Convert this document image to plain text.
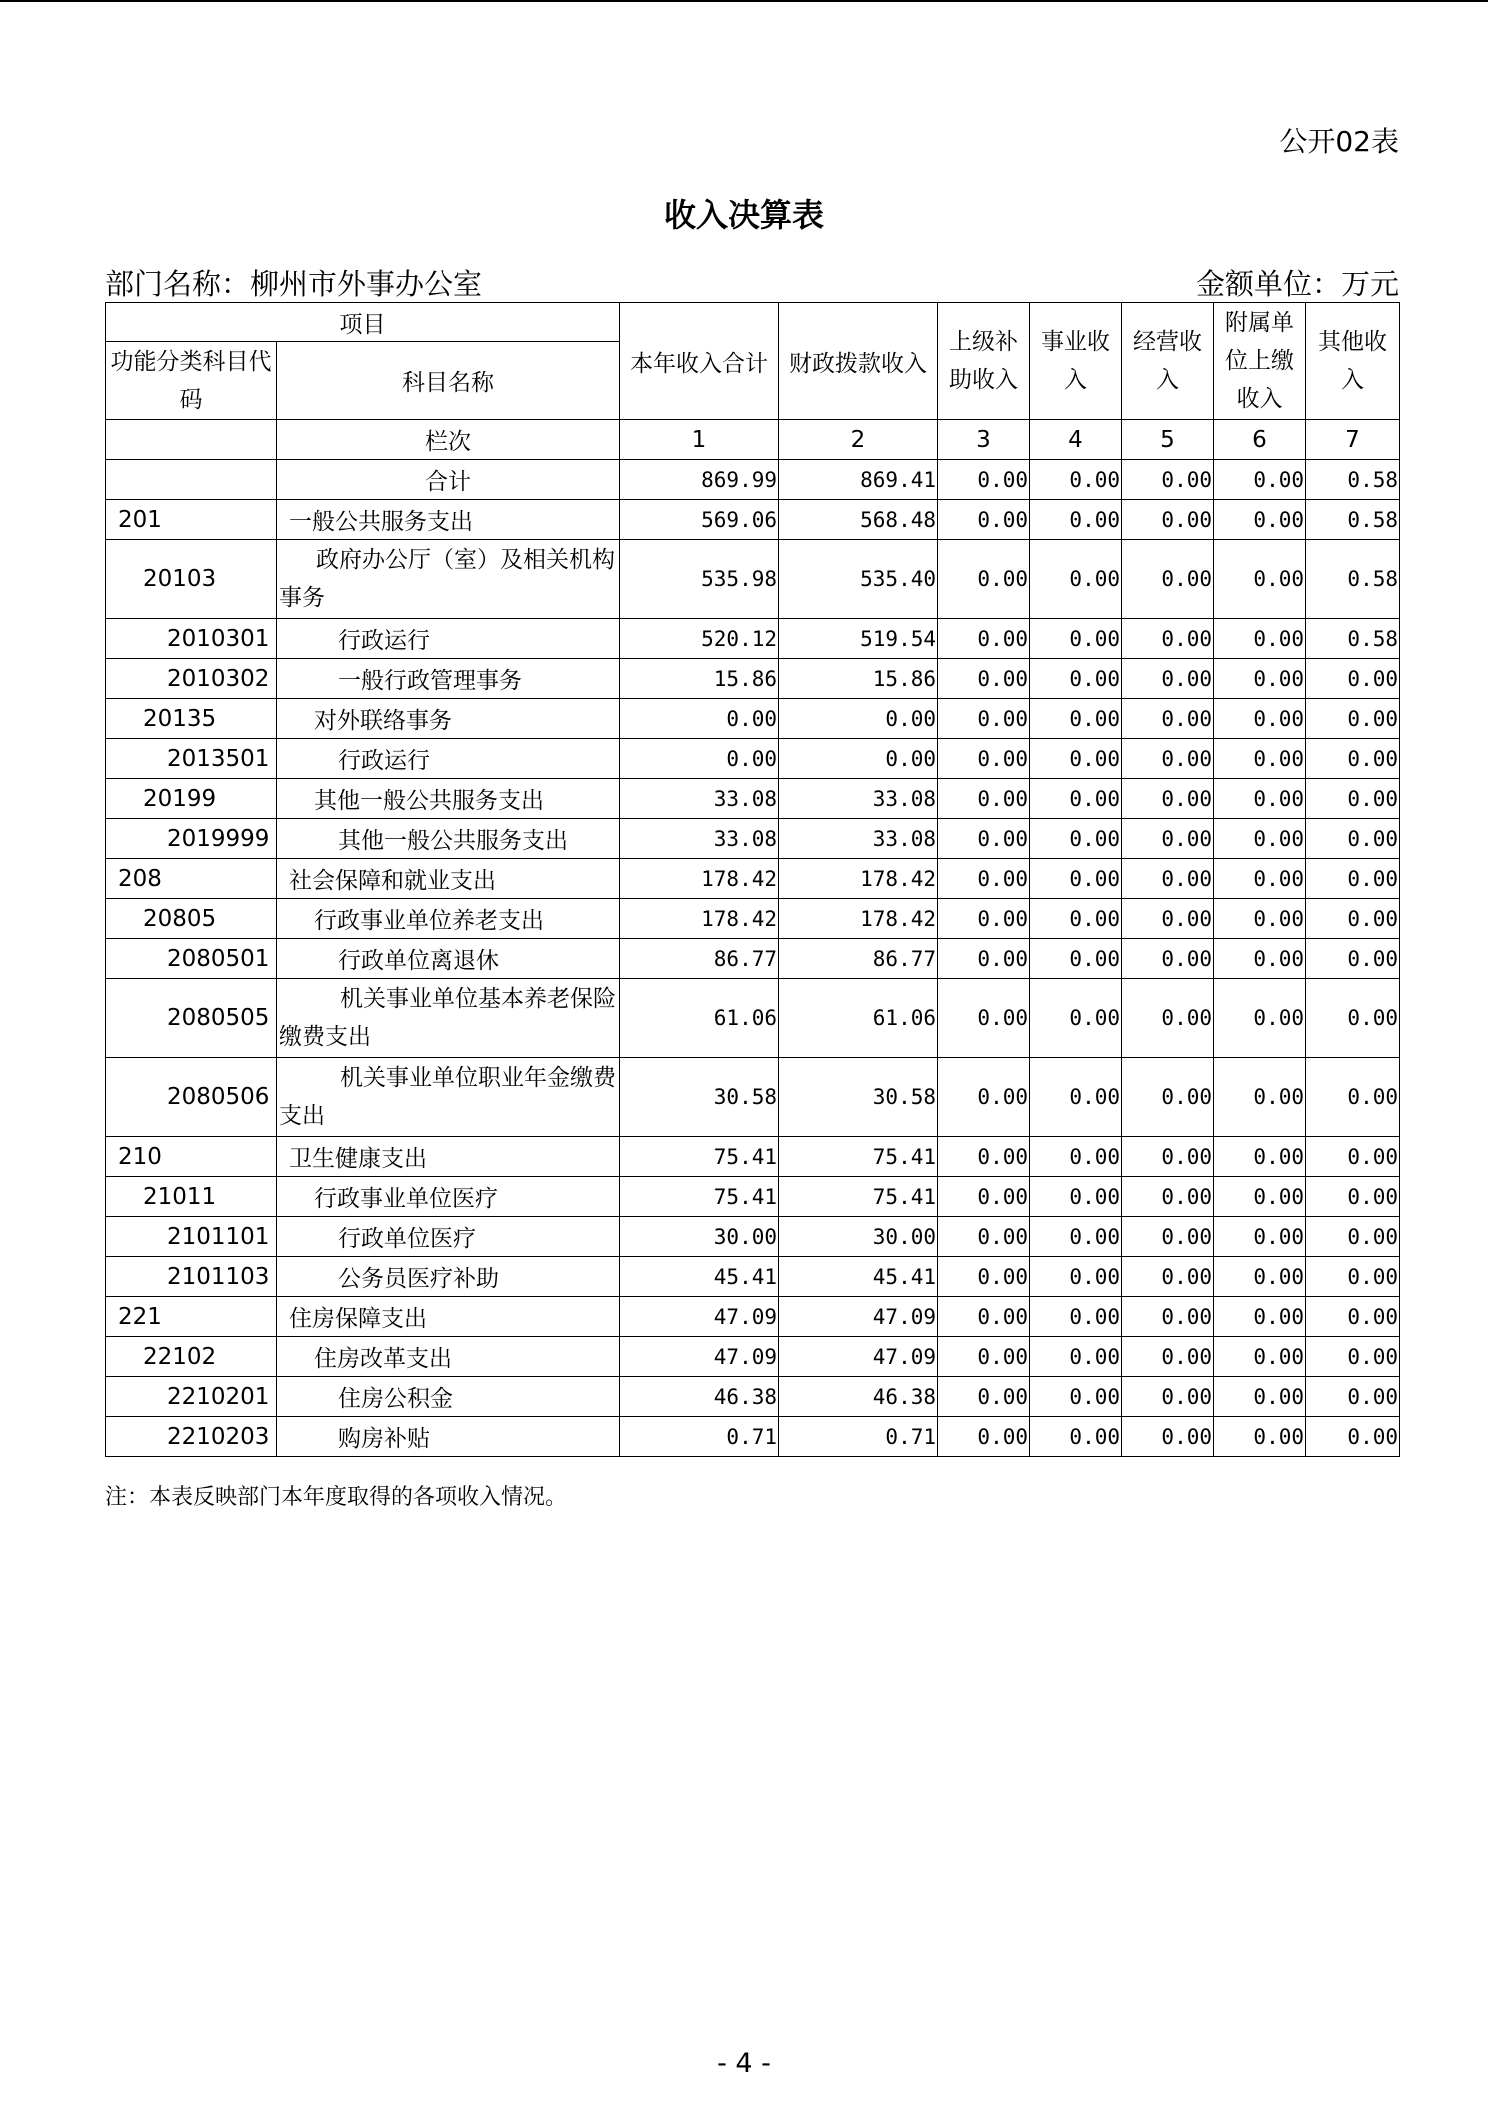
公开02表
收入决算表
部门名称：柳州市外事办公室	金额单位：万元
项目		本年收入合计	财政拨款收入	上级补助收入	事业收入	经营收入	附属单位上缴收入	其他收入
功能分类科目代码	科目名称							
	栏次	1	2	3	4	5	6	7
	合计	869.99	869.41	0.00	0.00	0.00	0.00	0.58
201	一般公共服务支出	569.06	568.48	0.00	0.00	0.00	0.00	0.58
20103	政府办公厅（室）及相关机构事务	535.98	535.40	0.00	0.00	0.00	0.00	0.58
2010301	行政运行	520.12	519.54	0.00	0.00	0.00	0.00	0.58
2010302	一般行政管理事务	15.86	15.86	0.00	0.00	0.00	0.00	0.00
20135	对外联络事务	0.00	0.00	0.00	0.00	0.00	0.00	0.00
2013501	行政运行	0.00	0.00	0.00	0.00	0.00	0.00	0.00
20199	其他一般公共服务支出	33.08	33.08	0.00	0.00	0.00	0.00	0.00
2019999	其他一般公共服务支出	33.08	33.08	0.00	0.00	0.00	0.00	0.00
208	社会保障和就业支出	178.42	178.42	0.00	0.00	0.00	0.00	0.00
20805	行政事业单位养老支出	178.42	178.42	0.00	0.00	0.00	0.00	0.00
2080501	行政单位离退休	86.77	86.77	0.00	0.00	0.00	0.00	0.00
2080505	机关事业单位基本养老保险缴费支出	61.06	61.06	0.00	0.00	0.00	0.00	0.00
2080506	机关事业单位职业年金缴费支出	30.58	30.58	0.00	0.00	0.00	0.00	0.00
210	卫生健康支出	75.41	75.41	0.00	0.00	0.00	0.00	0.00
21011	行政事业单位医疗	75.41	75.41	0.00	0.00	0.00	0.00	0.00
2101101	行政单位医疗	30.00	30.00	0.00	0.00	0.00	0.00	0.00
2101103	公务员医疗补助	45.41	45.41	0.00	0.00	0.00	0.00	0.00
221	住房保障支出	47.09	47.09	0.00	0.00	0.00	0.00	0.00
22102	住房改革支出	47.09	47.09	0.00	0.00	0.00	0.00	0.00
2210201	住房公积金	46.38	46.38	0.00	0.00	0.00	0.00	0.00
2210203	购房补贴	0.71	0.71	0.00	0.00	0.00	0.00	0.00
注：本表反映部门本年度取得的各项收入情况。
- 4 -
